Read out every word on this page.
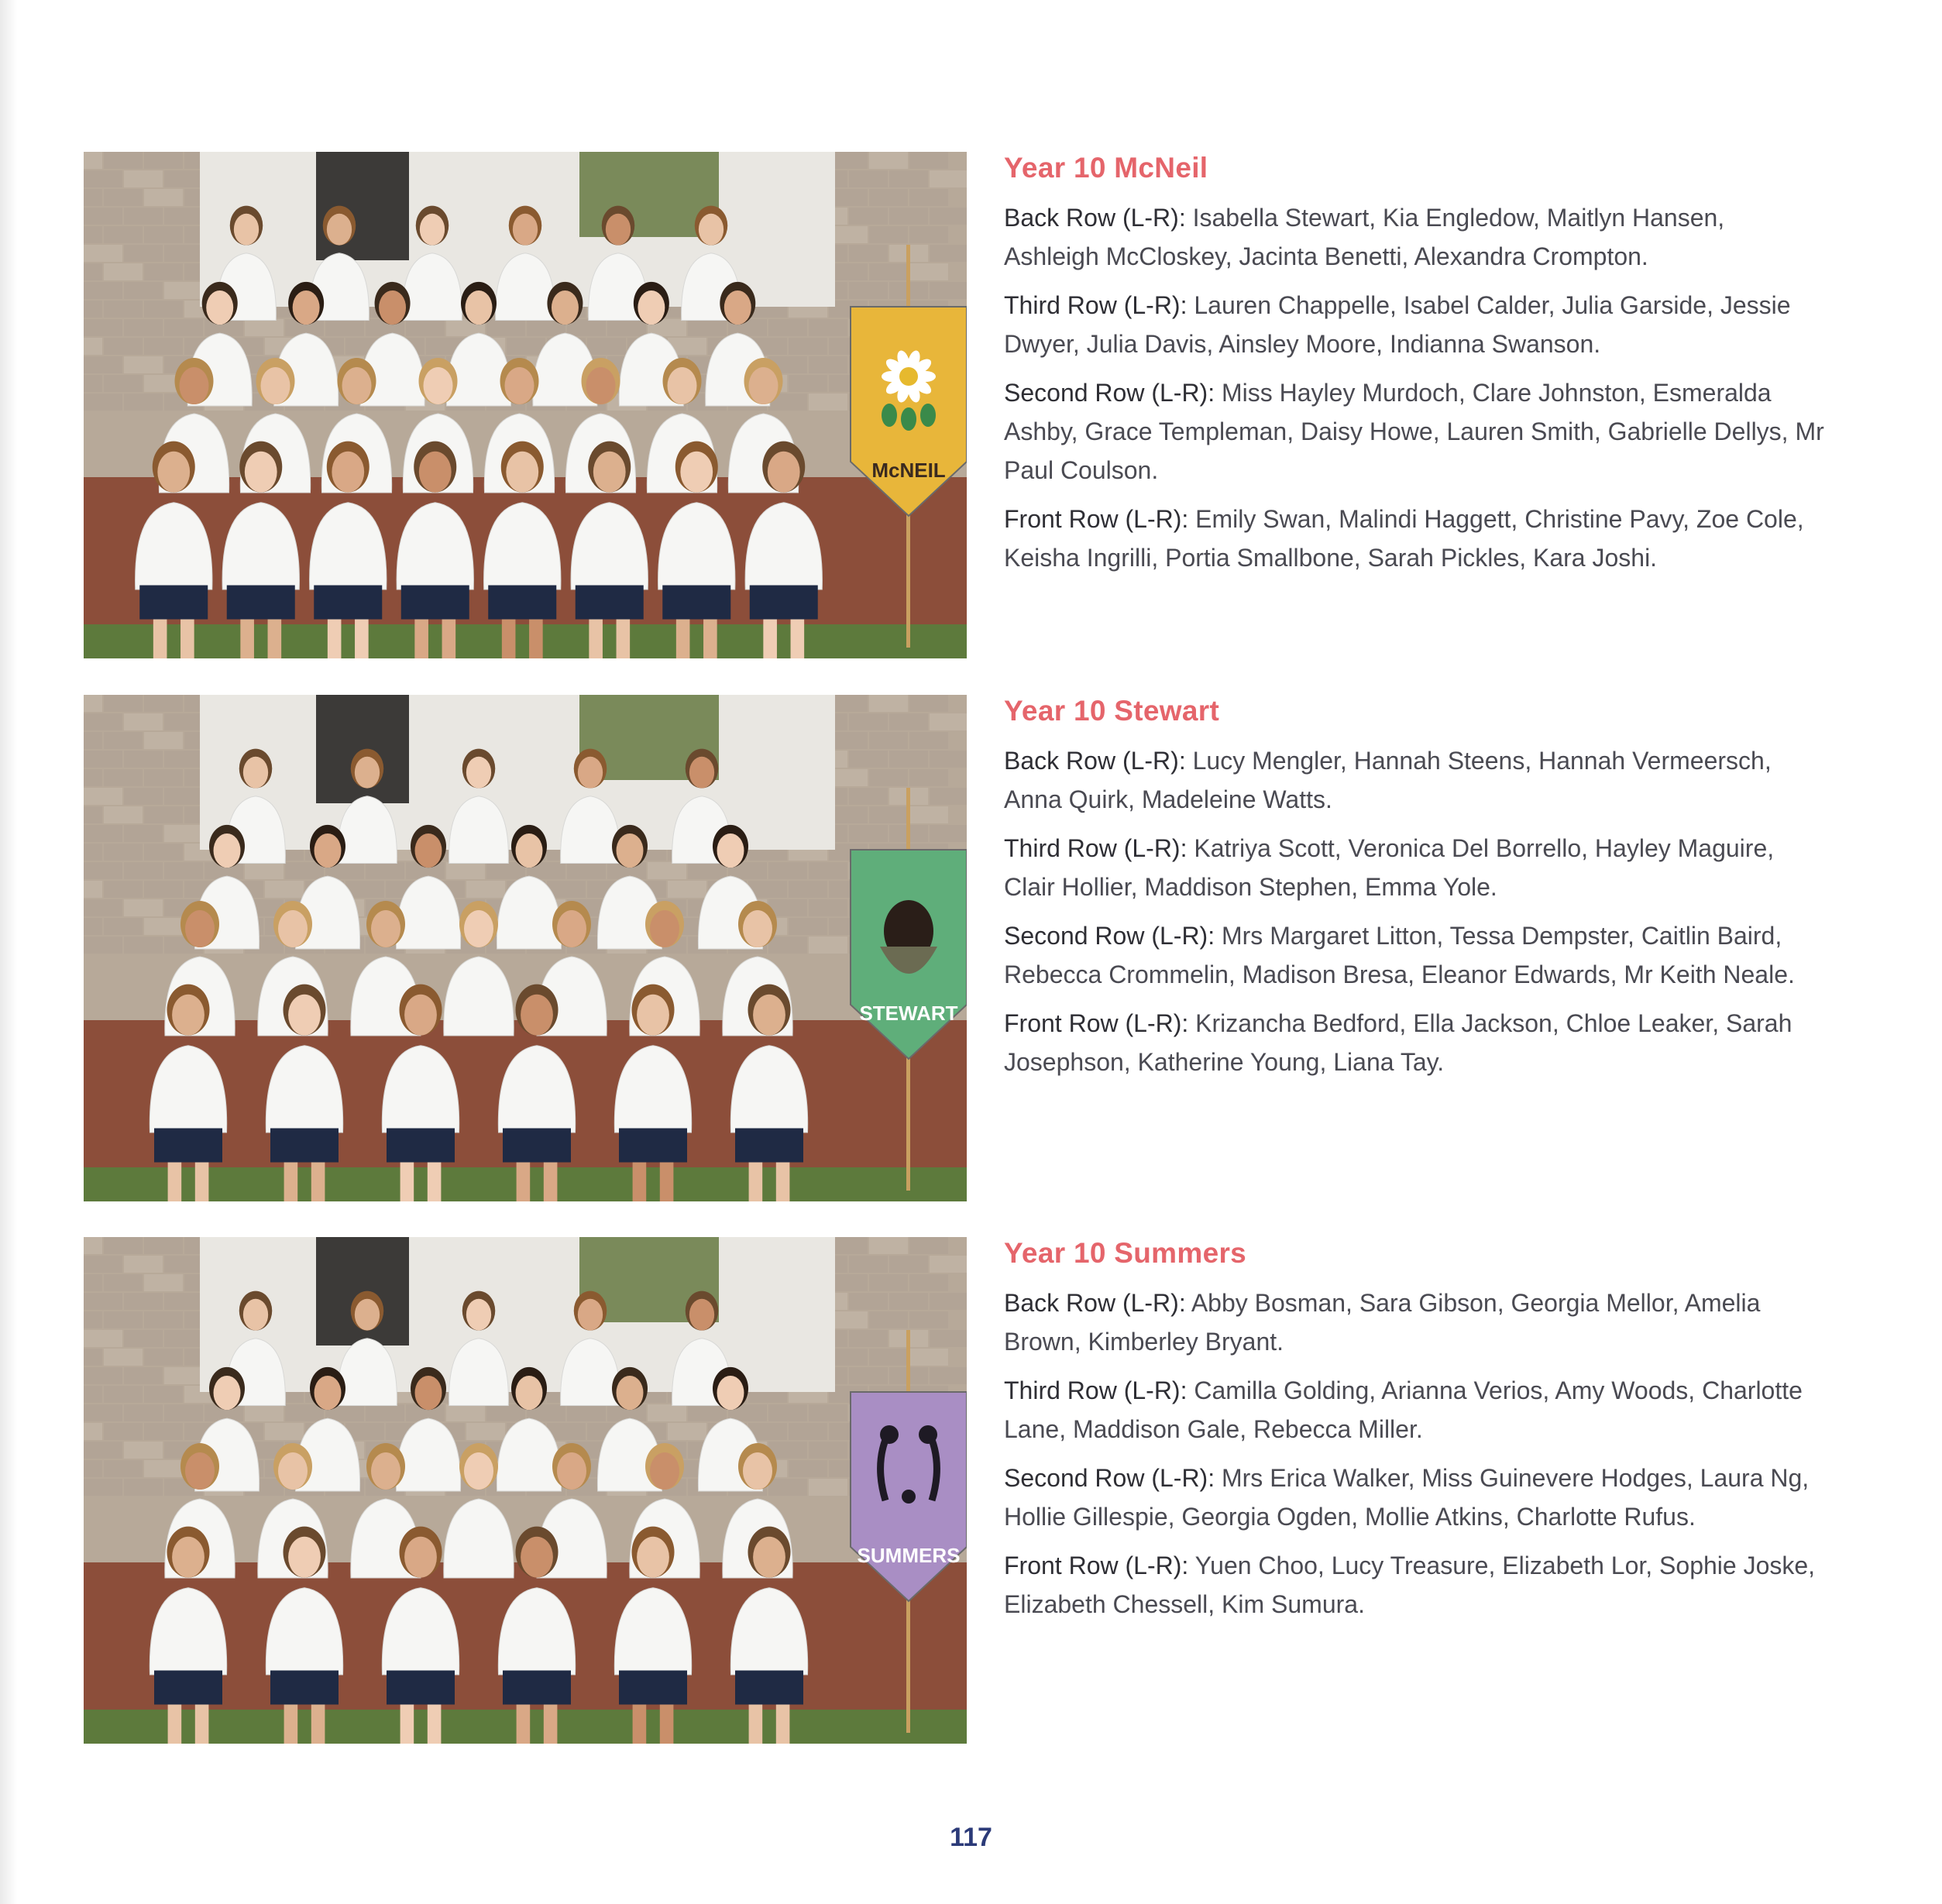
McNEIL
Year 10 McNeil

Back Row (L-R): Isabella Stewart, Kia Engledow, Maitlyn Hansen, Ashleigh McCloskey, Jacinta Benetti, Alexandra Crompton.

Third Row (L-R): Lauren Chappelle, Isabel Calder, Julia Garside, Jessie Dwyer, Julia Davis, Ainsley Moore, Indianna Swanson.

Second Row (L-R): Miss Hayley Murdoch, Clare Johnston, Esmeralda Ashby, Grace Templeman, Daisy Howe, Lauren Smith, Gabrielle Dellys, Mr Paul Coulson.

Front Row (L-R): Emily Swan, Malindi Haggett, Christine Pavy, Zoe Cole, Keisha Ingrilli, Portia Smallbone, Sarah Pickles, Kara Joshi.

STEWART
Year 10 Stewart

Back Row (L-R): Lucy Mengler, Hannah Steens, Hannah Vermeersch, Anna Quirk, Madeleine Watts.

Third Row (L-R): Katriya Scott, Veronica Del Borrello, Hayley Maguire, Clair Hollier, Maddison Stephen, Emma Yole.

Second Row (L-R): Mrs Margaret Litton, Tessa Dempster, Caitlin Baird, Rebecca Crommelin, Madison Bresa, Eleanor Edwards, Mr Keith Neale.

Front Row (L-R): Krizancha Bedford, Ella Jackson, Chloe Leaker, Sarah Josephson, Katherine Young, Liana Tay.

SUMMERS
Year 10 Summers

Back Row (L-R): Abby Bosman, Sara Gibson, Georgia Mellor, Amelia Brown, Kimberley Bryant.

Third Row (L-R): Camilla Golding, Arianna Verios, Amy Woods, Charlotte Lane, Maddison Gale, Rebecca Miller.

Second Row (L-R): Mrs Erica Walker, Miss Guinevere Hodges, Laura Ng, Hollie Gillespie, Georgia Ogden, Mollie Atkins, Charlotte Rufus.

Front Row (L-R): Yuen Choo, Lucy Treasure, Elizabeth Lor, Sophie Joske, Elizabeth Chessell, Kim Sumura.

117
